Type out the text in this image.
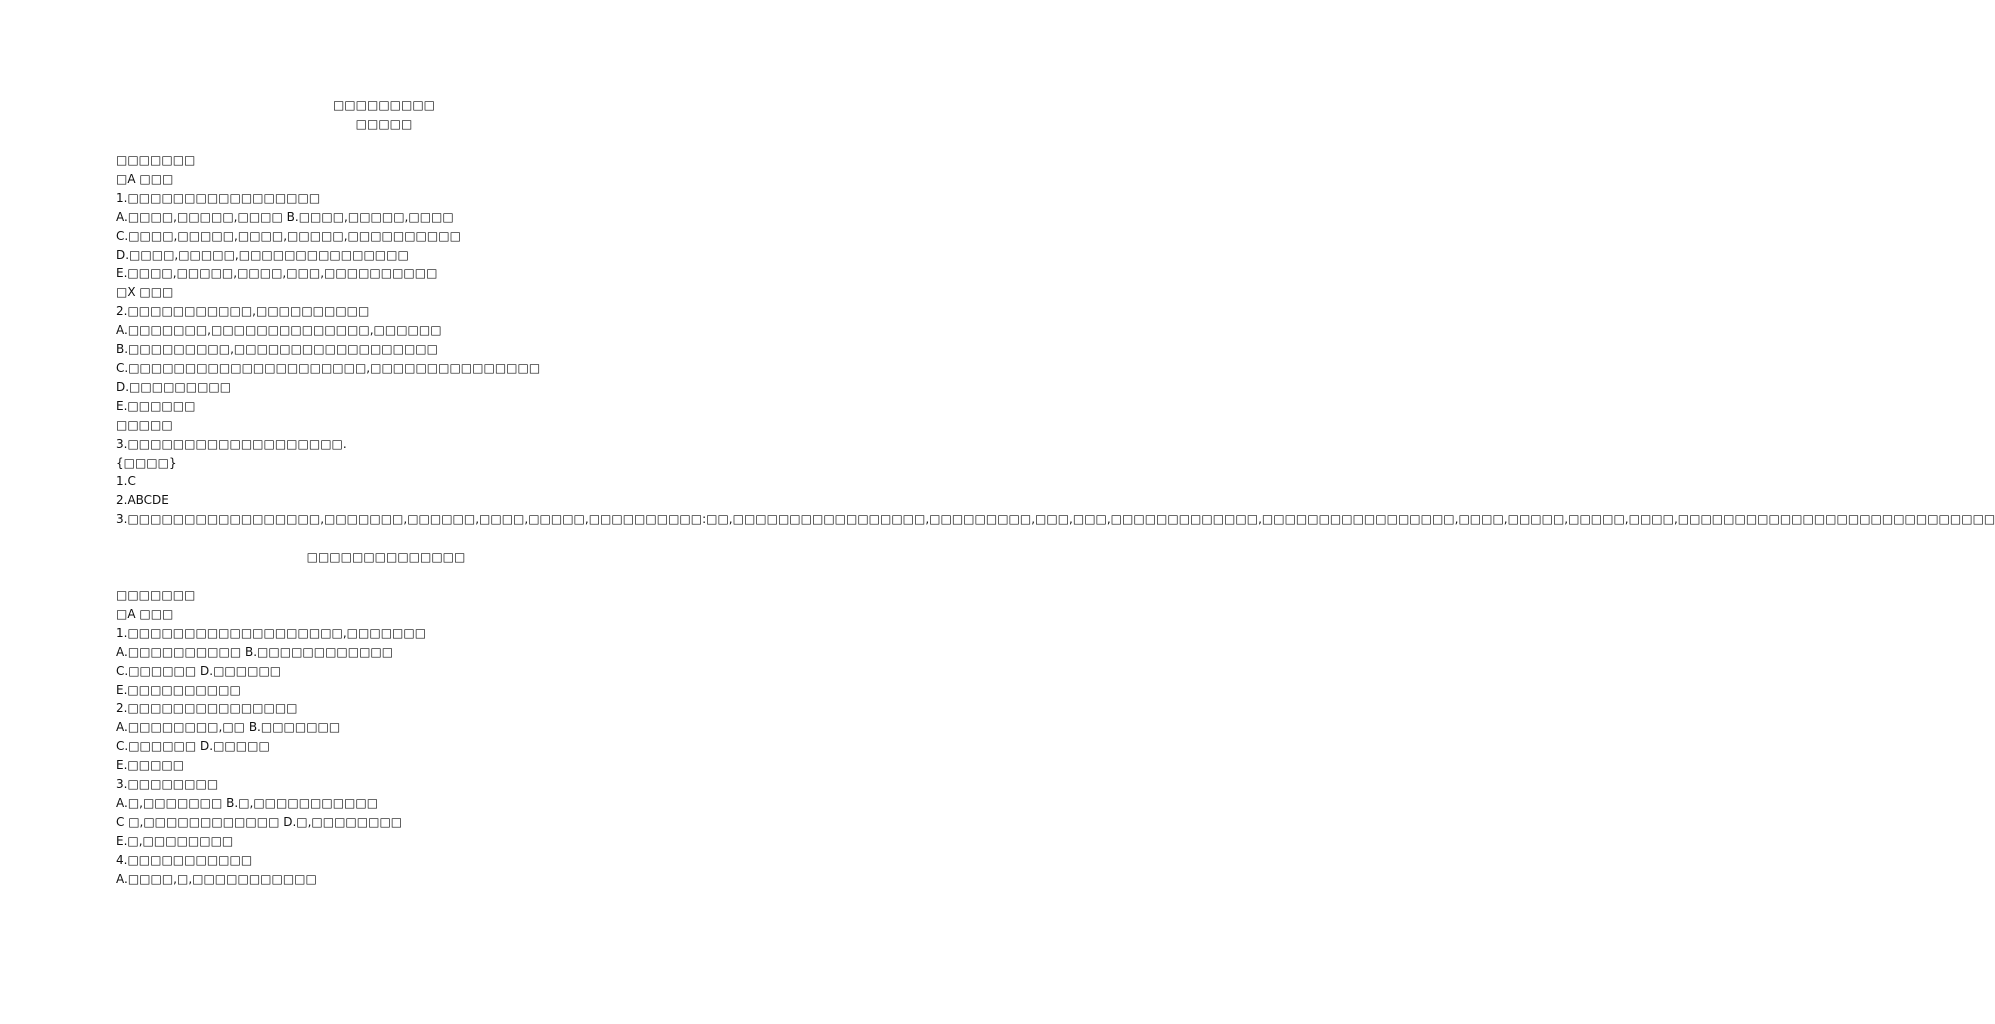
□□□□□□□□□
□□□□□
□□□□□□□
□A □□□
1.□□□□□□□□□□□□□□□□□
A.□□□□,□□□□□,□□□□ B.□□□□,□□□□□,□□□□
C.□□□□,□□□□□,□□□□,□□□□□,□□□□□□□□□□
D.□□□□,□□□□□,□□□□□□□□□□□□□□□
E.□□□□,□□□□□,□□□□,□□□,□□□□□□□□□□
□X □□□
2.□□□□□□□□□□□,□□□□□□□□□□
A.□□□□□□□,□□□□□□□□□□□□□□,□□□□□□
B.□□□□□□□□□,□□□□□□□□□□□□□□□□□□
C.□□□□□□□□□□□□□□□□□□□□□,□□□□□□□□□□□□□□□
D.□□□□□□□□□
E.□□□□□□
□□□□□
3.□□□□□□□□□□□□□□□□□□□.
{□□□□}
1.C
2.ABCDE
3.□□□□□□□□□□□□□□□□□,□□□□□□□,□□□□□□,□□□□,□□□□□,□□□□□□□□□□:□□,□□□□□□□□□□□□□□□□□,□□□□□□□□□,□□□,□□□,□□□□□□□□□□□□□,□□□□□□□□□□□□□□□□□,□□□□,□□□□□,□□□□□,□□□□,□□□□□□□□□□□□□□□□□□□□□□□□□□□□
□□□□□□□□□□□□□□
□□□□□□□
□A □□□
1.□□□□□□□□□□□□□□□□□□□,□□□□□□□
A.□□□□□□□□□□ B.□□□□□□□□□□□□
C.□□□□□□ D.□□□□□□
E.□□□□□□□□□□
2.□□□□□□□□□□□□□□□
A.□□□□□□□□,□□ B.□□□□□□□
C.□□□□□□ D.□□□□□
E.□□□□□
3.□□□□□□□□
A.□,□□□□□□□ B.□,□□□□□□□□□□□
C □,□□□□□□□□□□□□ D.□,□□□□□□□□
E.□,□□□□□□□□
4.□□□□□□□□□□□
A.□□□□,□,□□□□□□□□□□□
